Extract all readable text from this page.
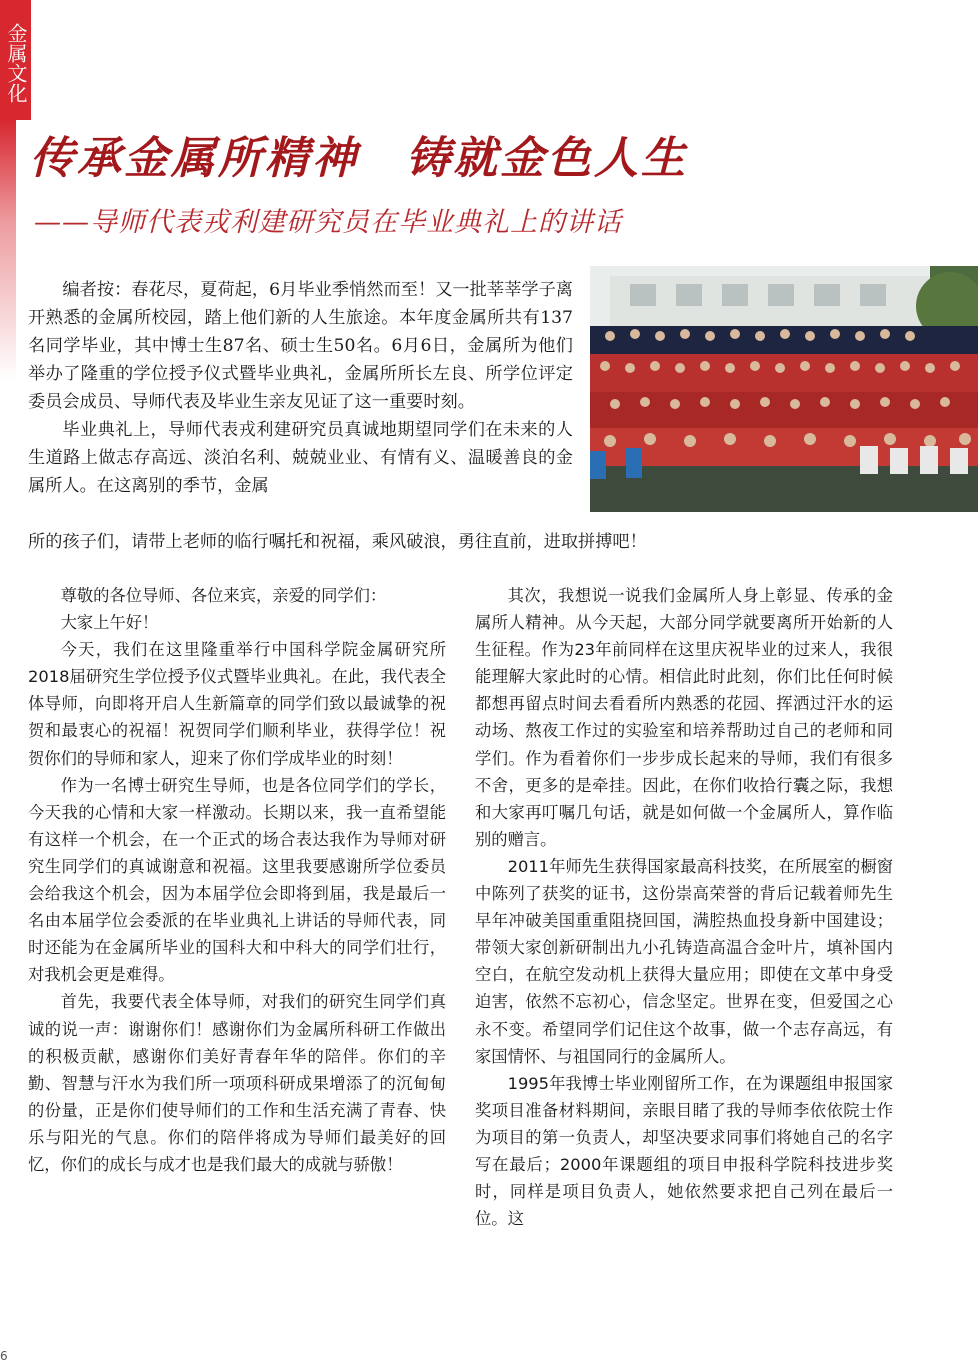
金属文化
传承金属所精神　铸就金色人生
——导师代表戎利建研究员在毕业典礼上的讲话

编者按：春花尽，夏荷起，6月毕业季悄然而至！又一批莘莘学子离开熟悉的金属所校园，踏上他们新的人生旅途。本年度金属所共有137名同学毕业，其中博士生87名、硕士生50名。6月6日，金属所为他们举办了隆重的学位授予仪式暨毕业典礼，金属所所长左良、所学位评定委员会成员、导师代表及毕业生亲友见证了这一重要时刻。

毕业典礼上，导师代表戎利建研究员真诚地期望同学们在未来的人生道路上做志存高远、淡泊名利、兢兢业业、有情有义、温暖善良的金属所人。在这离别的季节，金属

所的孩子们，请带上老师的临行嘱托和祝福，乘风破浪，勇往直前，进取拼搏吧！

尊敬的各位导师、各位来宾，亲爱的同学们：

大家上午好！

今天，我们在这里隆重举行中国科学院金属研究所2018届研究生学位授予仪式暨毕业典礼。在此，我代表全体导师，向即将开启人生新篇章的同学们致以最诚挚的祝贺和最衷心的祝福！祝贺同学们顺利毕业，获得学位！祝贺你们的导师和家人，迎来了你们学成毕业的时刻！

作为一名博士研究生导师，也是各位同学们的学长，今天我的心情和大家一样激动。长期以来，我一直希望能有这样一个机会，在一个正式的场合表达我作为导师对研究生同学们的真诚谢意和祝福。这里我要感谢所学位委员会给我这个机会，因为本届学位会即将到届，我是最后一名由本届学位会委派的在毕业典礼上讲话的导师代表，同时还能为在金属所毕业的国科大和中科大的同学们壮行，对我机会更是难得。

首先，我要代表全体导师，对我们的研究生同学们真诚的说一声：谢谢你们！感谢你们为金属所科研工作做出的积极贡献，感谢你们美好青春年华的陪伴。你们的辛勤、智慧与汗水为我们所一项项科研成果增添了的沉甸甸的份量，正是你们使导师们的工作和生活充满了青春、快乐与阳光的气息。你们的陪伴将成为导师们最美好的回忆，你们的成长与成才也是我们最大的成就与骄傲！

其次，我想说一说我们金属所人身上彰显、传承的金属所人精神。从今天起，大部分同学就要离所开始新的人生征程。作为23年前同样在这里庆祝毕业的过来人，我很能理解大家此时的心情。相信此时此刻，你们比任何时候都想再留点时间去看看所内熟悉的花园、挥洒过汗水的运动场、熬夜工作过的实验室和培养帮助过自己的老师和同学们。作为看着你们一步步成长起来的导师，我们有很多不舍，更多的是牵挂。因此，在你们收拾行囊之际，我想和大家再叮嘱几句话，就是如何做一个金属所人，算作临别的赠言。

2011年师先生获得国家最高科技奖，在所展室的橱窗中陈列了获奖的证书，这份崇高荣誉的背后记载着师先生早年冲破美国重重阻挠回国，满腔热血投身新中国建设；带领大家创新研制出九小孔铸造高温合金叶片，填补国内空白，在航空发动机上获得大量应用；即使在文革中身受迫害，依然不忘初心，信念坚定。世界在变，但爱国之心永不变。希望同学们记住这个故事，做一个志存高远，有家国情怀、与祖国同行的金属所人。

1995年我博士毕业刚留所工作，在为课题组申报国家奖项目准备材料期间，亲眼目睹了我的导师李依依院士作为项目的第一负责人，却坚决要求同事们将她自己的名字写在最后；2000年课题组的项目申报科学院科技进步奖时，同样是项目负责人，她依然要求把自己列在最后一位。这

6
